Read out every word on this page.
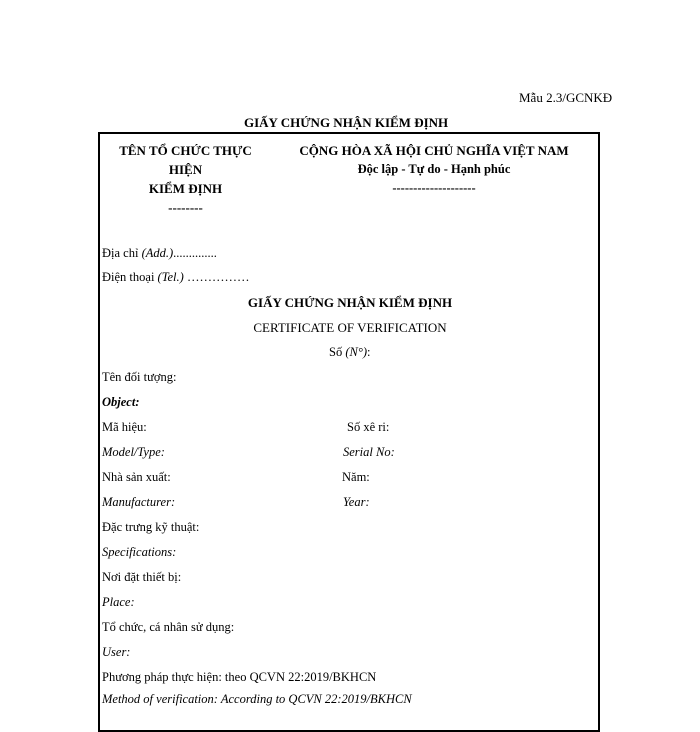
Mẫu 2.3/GCNKĐ
GIẤY CHỨNG NHẬN KIỂM ĐỊNH
TÊN TỔ CHỨC THỰC
HIỆN
KIỂM ĐỊNH
--------
CỘNG HÒA XÃ HỘI CHỦ NGHĨA VIỆT NAM
Độc lập - Tự do - Hạnh phúc
--------------------
Địa chỉ (Add.)..............
Điện thoại (Tel.) ……………
GIẤY CHỨNG NHẬN KIỂM ĐỊNH
CERTIFICATE OF VERIFICATION
Số (N°):
Tên đối tượng:
Object:
Mã hiệu:	Số xê ri:
Model/Type:	Serial No:
Nhà sản xuất:	Năm:
Manufacturer:	Year:
Đặc trưng kỹ thuật:
Specifications:
Nơi đặt thiết bị:
Place:
Tổ chức, cá nhân sử dụng:
User:
Phương pháp thực hiện: theo QCVN 22:2019/BKHCN
Method of verification: According to QCVN 22:2019/BKHCN
